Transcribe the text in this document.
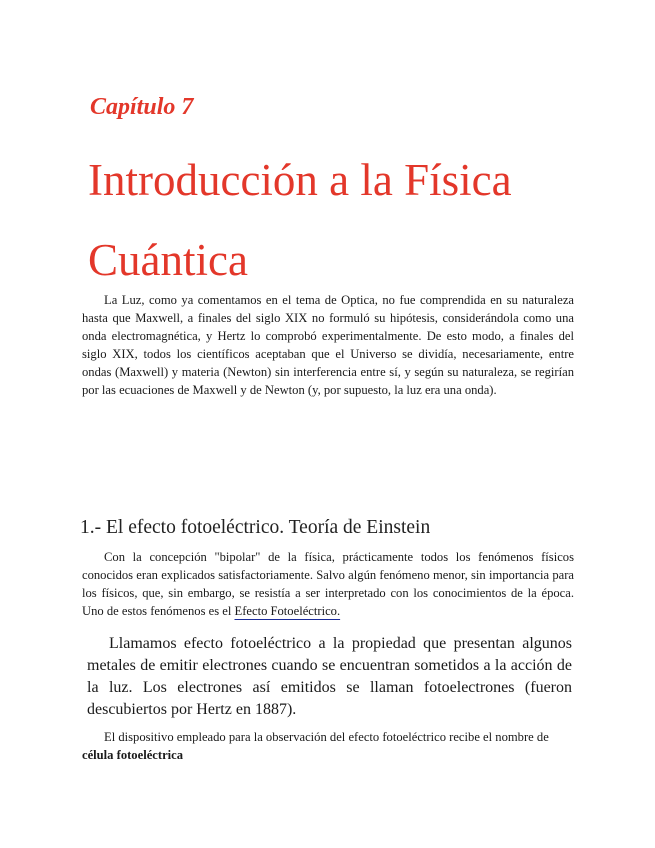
Capítulo 7
Introducción a la Física Cuántica

La Luz, como ya comentamos en el tema de Optica, no fue comprendida en su naturaleza hasta que Maxwell, a finales del siglo XIX no formuló su hipótesis, considerándola como una onda electromagnética, y Hertz lo comprobó experimentalmente. De esto modo, a finales del siglo XIX, todos los científicos aceptaban que el Universo se dividía, necesariamente, entre ondas (Maxwell) y materia (Newton) sin interferencia entre sí, y según su naturaleza, se regirían por las ecuaciones de Maxwell y de Newton (y, por supuesto, la luz era una onda).

1.- El efecto fotoeléctrico. Teoría de Einstein

Con la concepción "bipolar" de la física, prácticamente todos los fenómenos físicos conocidos eran explicados satisfactoriamente. Salvo algún fenómeno menor, sin importancia para los físicos, que, sin embargo, se resistía a ser interpretado con los conocimientos de la época. Uno de estos fenómenos es el Efecto Fotoeléctrico.

Llamamos efecto fotoeléctrico a la propiedad que presentan algunos metales de emitir electrones cuando se encuentran sometidos a la acción de la luz. Los electrones así emitidos se llaman fotoelectrones (fueron descubiertos por Hertz en 1887).

El dispositivo empleado para la observación del efecto fotoeléctrico recibe el nombre de
célula fotoeléctrica
